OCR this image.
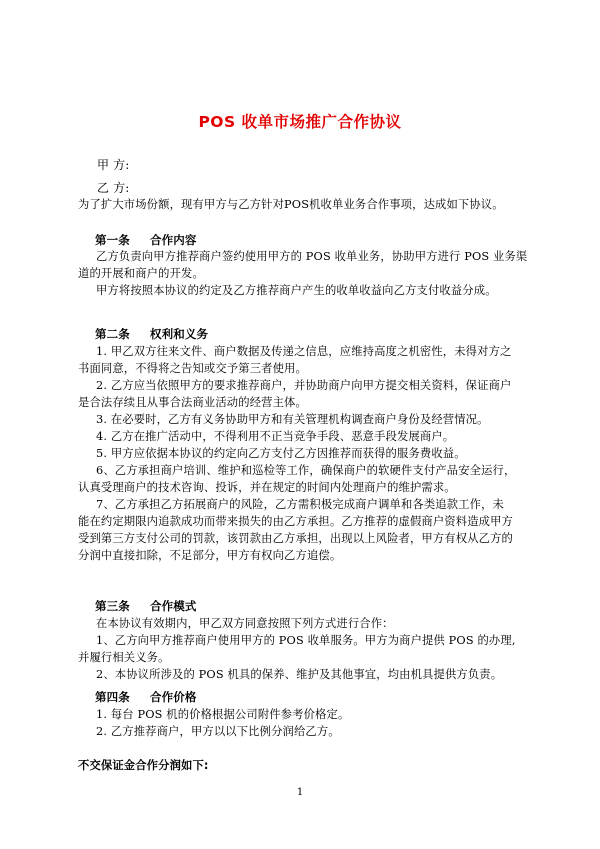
POS 收单市场推广合作协议
甲 方:
乙 方:
为了扩大市场份额，现有甲方与乙方针对POS机收单业务合作事项，达成如下协议。
第一条 合作内容
乙方负责向甲方推荐商户签约使用甲方的 POS 收单业务，协助甲方进行 POS 业务渠
道的开展和商户的开发。
甲方将按照本协议的约定及乙方推荐商户产生的收单收益向乙方支付收益分成。
第二条 权利和义务
1. 甲乙双方往来文件、商户数据及传递之信息，应维持高度之机密性，未得对方之
书面同意，不得将之告知或交予第三者使用。
2. 乙方应当依照甲方的要求推荐商户，并协助商户向甲方提交相关资料，保证商户
是合法存续且从事合法商业活动的经营主体。
3. 在必要时，乙方有义务协助甲方和有关管理机构调查商户身份及经营情况。
4. 乙方在推广活动中，不得利用不正当竞争手段、恶意手段发展商户。
5. 甲方应依据本协议的约定向乙方支付乙方因推荐而获得的服务费收益。
6、乙方承担商户培训、维护和巡检等工作，确保商户的软硬件支付产品安全运行，
认真受理商户的技术咨询、投诉，并在规定的时间内处理商户的维护需求。
7、乙方承担乙方拓展商户的风险，乙方需积极完成商户调单和各类追款工作，未
能在约定期限内追款成功而带来损失的由乙方承担。乙方推荐的虚假商户资料造成甲方
受到第三方支付公司的罚款，该罚款由乙方承担，出现以上风险者，甲方有权从乙方的
分润中直接扣除，不足部分，甲方有权向乙方追偿。
第三条 合作模式
在本协议有效期内，甲乙双方同意按照下列方式进行合作：
1、乙方向甲方推荐商户使用甲方的 POS 收单服务。甲方为商户提供 POS 的办理,
并履行相关义务。
2、本协议所涉及的 POS 机具的保养、维护及其他事宜，均由机具提供方负责。
第四条 合作价格
1. 每台 POS 机的价格根据公司附件参考价格定。
2. 乙方推荐商户，甲方以以下比例分润给乙方。
不交保证金合作分润如下:
1
